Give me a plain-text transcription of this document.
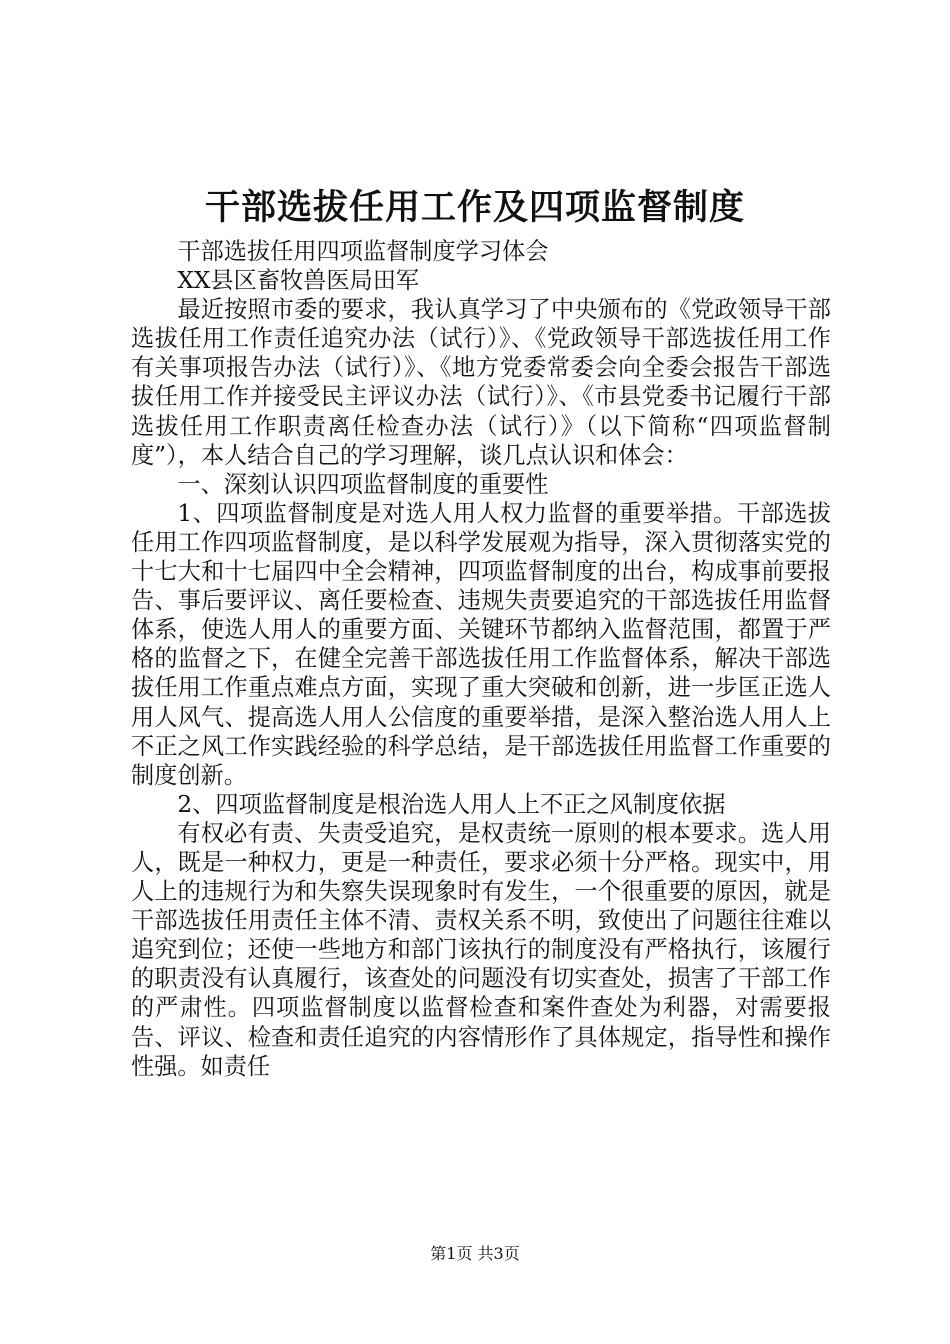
干部选拔任用工作及四项监督制度

干部选拔任用四项监督制度学习体会

XX县区畜牧兽医局田军

最近按照市委的要求，我认真学习了中央颁布的《党政领导干部选拔任用工作责任追究办法（试行）》、《党政领导干部选拔任用工作有关事项报告办法（试行）》、《地方党委常委会向全委会报告干部选拔任用工作并接受民主评议办法（试行）》、《市县党委书记履行干部选拔任用工作职责离任检查办法（试行）》（以下简称“四项监督制度”），本人结合自己的学习理解，谈几点认识和体会：

一、深刻认识四项监督制度的重要性

1、四项监督制度是对选人用人权力监督的重要举措。干部选拔任用工作四项监督制度，是以科学发展观为指导，深入贯彻落实党的十七大和十七届四中全会精神，四项监督制度的出台，构成事前要报告、事后要评议、离任要检查、违规失责要追究的干部选拔任用监督体系，使选人用人的重要方面、关键环节都纳入监督范围，都置于严格的监督之下，在健全完善干部选拔任用工作监督体系，解决干部选拔任用工作重点难点方面，实现了重大突破和创新，进一步匡正选人用人风气、提高选人用人公信度的重要举措，是深入整治选人用人上不正之风工作实践经验的科学总结，是干部选拔任用监督工作重要的制度创新。

2、四项监督制度是根治选人用人上不正之风制度依据

有权必有责、失责受追究，是权责统一原则的根本要求。选人用人，既是一种权力，更是一种责任，要求必须十分严格。现实中，用人上的违规行为和失察失误现象时有发生，一个很重要的原因，就是干部选拔任用责任主体不清、责权关系不明，致使出了问题往往难以追究到位；还使一些地方和部门该执行的制度没有严格执行，该履行的职责没有认真履行，该查处的问题没有切实查处，损害了干部工作的严肃性。四项监督制度以监督检查和案件查处为利器，对需要报告、评议、检查和责任追究的内容情形作了具体规定，指导性和操作性强。如责任

第1页 共3页
